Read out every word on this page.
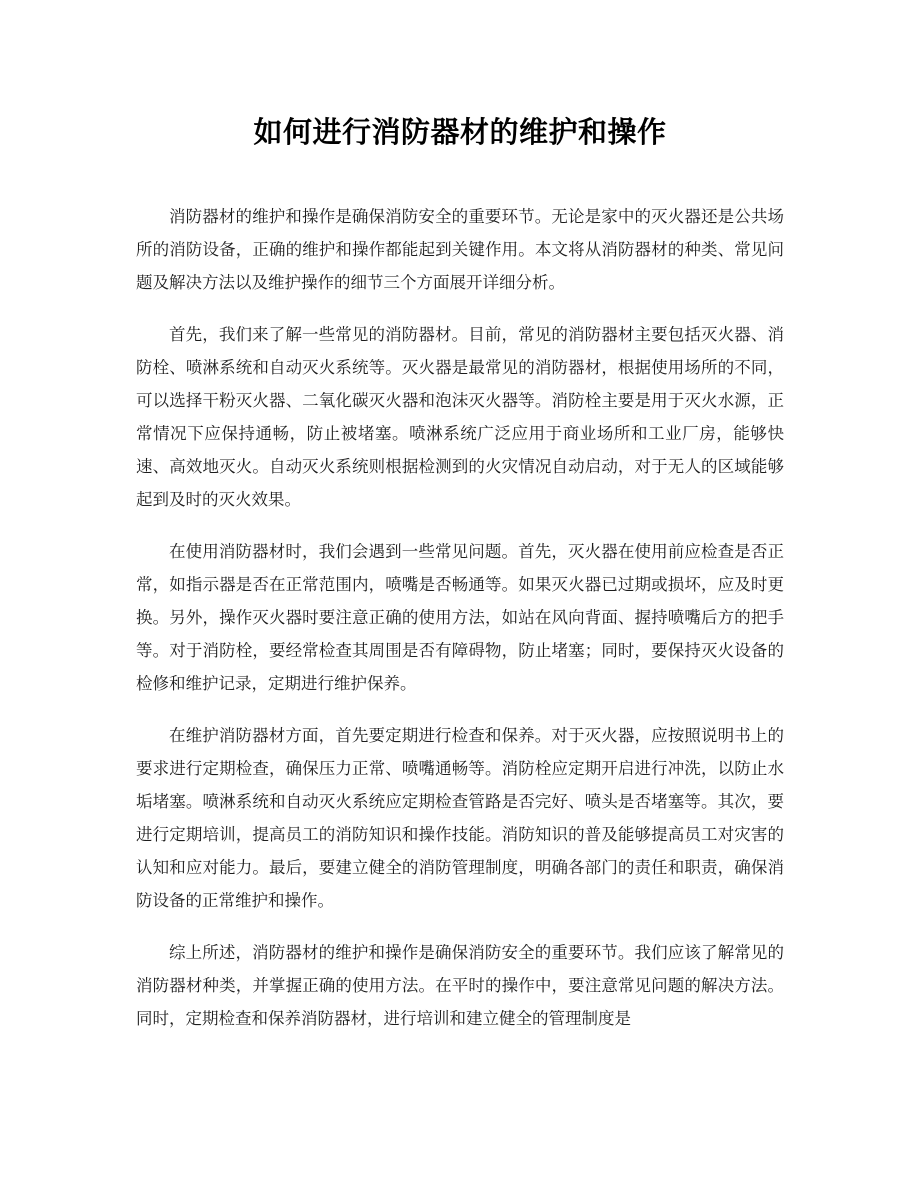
如何进行消防器材的维护和操作

消防器材的维护和操作是确保消防安全的重要环节。无论是家中的灭火器还是公共场所的消防设备，正确的维护和操作都能起到关键作用。本文将从消防器材的种类、常见问题及解决方法以及维护操作的细节三个方面展开详细分析。

首先，我们来了解一些常见的消防器材。目前，常见的消防器材主要包括灭火器、消防栓、喷淋系统和自动灭火系统等。灭火器是最常见的消防器材，根据使用场所的不同，可以选择干粉灭火器、二氧化碳灭火器和泡沫灭火器等。消防栓主要是用于灭火水源，正常情况下应保持通畅，防止被堵塞。喷淋系统广泛应用于商业场所和工业厂房，能够快速、高效地灭火。自动灭火系统则根据检测到的火灾情况自动启动，对于无人的区域能够起到及时的灭火效果。

在使用消防器材时，我们会遇到一些常见问题。首先，灭火器在使用前应检查是否正常，如指示器是否在正常范围内，喷嘴是否畅通等。如果灭火器已过期或损坏，应及时更换。另外，操作灭火器时要注意正确的使用方法，如站在风向背面、握持喷嘴后方的把手等。对于消防栓，要经常检查其周围是否有障碍物，防止堵塞；同时，要保持灭火设备的检修和维护记录，定期进行维护保养。

在维护消防器材方面，首先要定期进行检查和保养。对于灭火器，应按照说明书上的要求进行定期检查，确保压力正常、喷嘴通畅等。消防栓应定期开启进行冲洗，以防止水垢堵塞。喷淋系统和自动灭火系统应定期检查管路是否完好、喷头是否堵塞等。其次，要进行定期培训，提高员工的消防知识和操作技能。消防知识的普及能够提高员工对灾害的认知和应对能力。最后，要建立健全的消防管理制度，明确各部门的责任和职责，确保消防设备的正常维护和操作。

综上所述，消防器材的维护和操作是确保消防安全的重要环节。我们应该了解常见的消防器材种类，并掌握正确的使用方法。在平时的操作中，要注意常见问题的解决方法。同时，定期检查和保养消防器材，进行培训和建立健全的管理制度是
